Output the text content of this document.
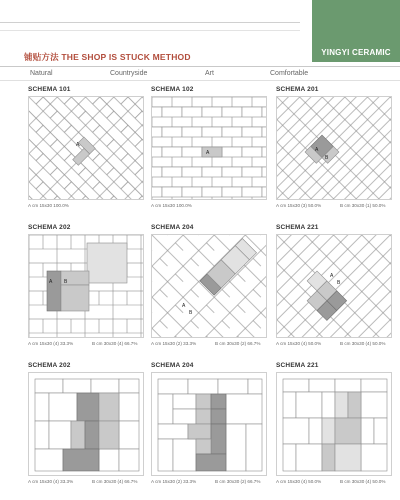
YINGYI CERAMIC
铺贴方法 THE SHOP IS STUCK METHOD
Natural	Countryside	Art	Comfortable
SCHEMA 101
A
A cm 15x30 100.0%
SCHEMA 102
A
A cm 15x30 100.0%
SCHEMA 201
A
B
A cm 15x30 (3) 50.0%	B cm 30x30 (1) 50.0%
SCHEMA 202
A B
A cm 15x30 (4) 33.3%	B cm 30x30 (4) 66.7%
SCHEMA 204
A
B
A cm 15x30 (2) 33.3%	B cm 30x30 (2) 66.7%
SCHEMA 221
A
B
A cm 15x30 (4) 50.0%	B cm 30x30 (4) 50.0%
SCHEMA 202
A cm 15x30 (4) 33.3%	B cm 30x30 (4) 66.7%
SCHEMA 204
A cm 15x30 (2) 33.3%	B cm 30x30 (2) 66.7%
SCHEMA 221
A cm 15x30 (4) 50.0%	B cm 30x30 (4) 50.0%
